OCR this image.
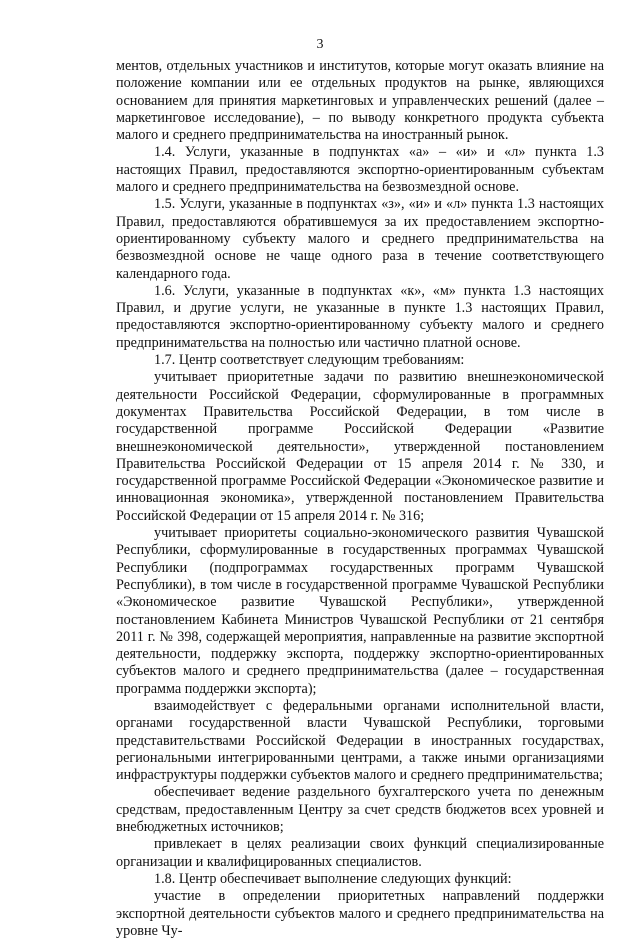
3

ментов, отдельных участников и институтов, которые могут оказать влияние на положение компании или ее отдельных продуктов на рынке, являющихся основанием для принятия маркетинговых и управленческих решений (далее – маркетинговое исследование), – по выводу конкретного продукта субъекта малого и среднего предпринимательства на иностранный рынок.

1.4. Услуги, указанные в подпунктах «а» – «и» и «л» пункта 1.3 настоящих Правил, предоставляются экспортно-ориентированным субъектам малого и среднего предпринимательства на безвозмездной основе.

1.5. Услуги, указанные в подпунктах «з», «и» и «л» пункта 1.3 настоящих Правил, предоставляются обратившемуся за их предоставлением экспортно-ориентированному субъекту малого и среднего предпринимательства на безвозмездной основе не чаще одного раза в течение соответствующего календарного года.

1.6. Услуги, указанные в подпунктах «к», «м» пункта 1.3 настоящих Правил, и другие услуги, не указанные в пункте 1.3 настоящих Правил, предоставляются экспортно-ориентированному субъекту малого и среднего предпринимательства на полностью или частично платной основе.

1.7. Центр соответствует следующим требованиям:

учитывает приоритетные задачи по развитию внешнеэкономической деятельности Российской Федерации, сформулированные в программных документах Правительства Российской Федерации, в том числе в государственной программе Российской Федерации «Развитие внешнеэкономической деятельности», утвержденной постановлением Правительства Российской Федерации от 15 апреля 2014 г. № 330, и государственной программе Российской Федерации «Экономическое развитие и инновационная экономика», утвержденной постановлением Правительства Российской Федерации от 15 апреля 2014 г. № 316;

учитывает приоритеты социально-экономического развития Чувашской Республики, сформулированные в государственных программах Чувашской Республики (подпрограммах государственных программ Чувашской Республики), в том числе в государственной программе Чувашской Республики «Экономическое развитие Чувашской Республики», утвержденной постановлением Кабинета Министров Чувашской Республики от 21 сентября 2011 г. № 398, содержащей мероприятия, направленные на развитие экспортной деятельности, поддержку экспорта, поддержку экспортно-ориентированных субъектов малого и среднего предпринимательства (далее – государственная программа поддержки экспорта);

взаимодействует с федеральными органами исполнительной власти, органами государственной власти Чувашской Республики, торговыми представительствами Российской Федерации в иностранных государствах, региональными интегрированными центрами, а также иными организациями инфраструктуры поддержки субъектов малого и среднего предпринимательства;

обеспечивает ведение раздельного бухгалтерского учета по денежным средствам, предоставленным Центру за счет средств бюджетов всех уровней и внебюджетных источников;

привлекает в целях реализации своих функций специализированные организации и квалифицированных специалистов.

1.8. Центр обеспечивает выполнение следующих функций:

участие в определении приоритетных направлений поддержки экспортной деятельности субъектов малого и среднего предпринимательства на уровне Чу-
